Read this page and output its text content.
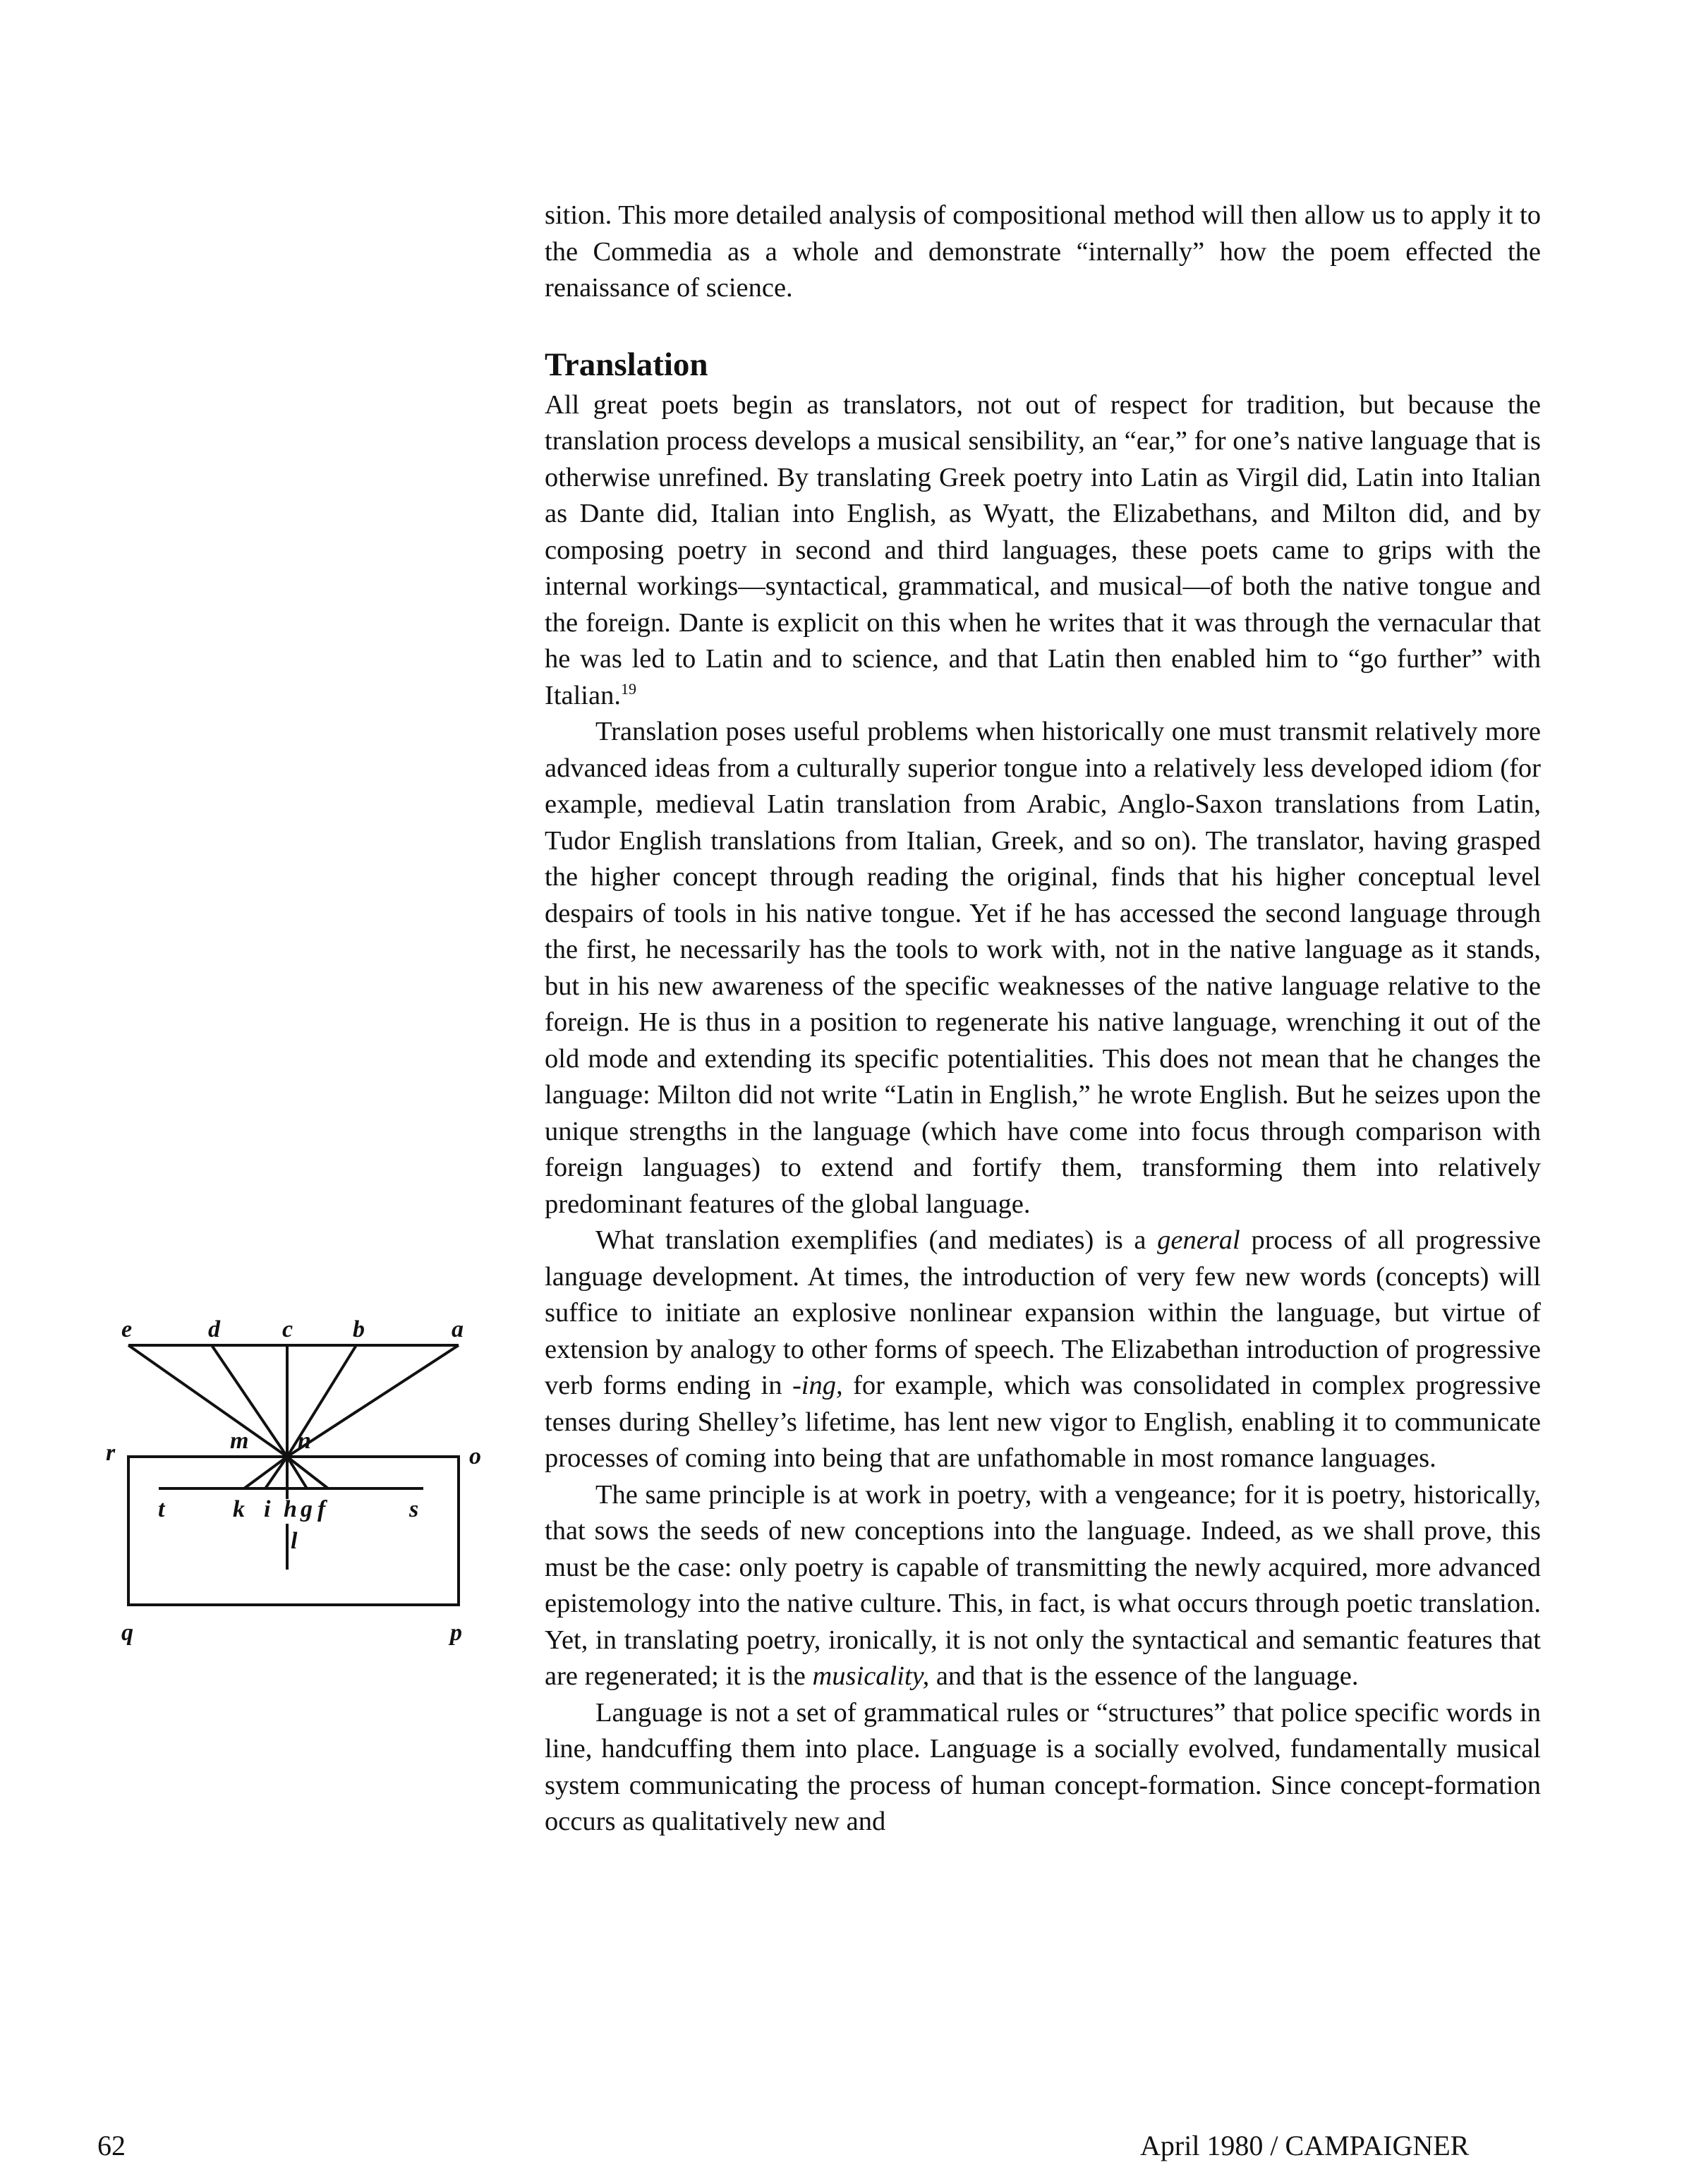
sition. This more detailed analysis of compositional method will then allow us to apply it to the Commedia as a whole and demonstrate “internally” how the poem effected the renaissance of science.

Translation

All great poets begin as translators, not out of respect for tradition, but because the translation process develops a musical sensibility, an “ear,” for one’s native language that is otherwise unrefined. By translating Greek poetry into Latin as Virgil did, Latin into Italian as Dante did, Italian into English, as Wyatt, the Elizabethans, and Milton did, and by composing poetry in second and third languages, these poets came to grips with the internal workings—syntactical, grammatical, and musical—of both the native tongue and the foreign. Dante is explicit on this when he writes that it was through the vernacular that he was led to Latin and to science, and that Latin then enabled him to “go further” with Italian.$^{19}$

Translation poses useful problems when historically one must transmit relatively more advanced ideas from a culturally superior tongue into a relatively less developed idiom (for example, medieval Latin translation from Arabic, Anglo-Saxon translations from Latin, Tudor English translations from Italian, Greek, and so on). The translator, having grasped the higher concept through reading the original, finds that his higher conceptual level despairs of tools in his native tongue. Yet if he has accessed the second language through the first, he necessarily has the tools to work with, not in the native language as it stands, but in his new awareness of the specific weaknesses of the native language relative to the foreign. He is thus in a position to regenerate his native language, wrenching it out of the old mode and extending its specific potentialities. This does not mean that he changes the language: Milton did not write “Latin in English,” he wrote English. But he seizes upon the unique strengths in the language (which have come into focus through comparison with foreign languages) to extend and fortify them, transforming them into relatively predominant features of the global language.

What translation exemplifies (and mediates) is a general process of all progressive language development. At times, the introduction of very few new words (concepts) will suffice to initiate an explosive nonlinear expansion within the language, but virtue of extension by analogy to other forms of speech. The Elizabethan introduction of progressive verb forms ending in -ing, for example, which was consolidated in complex progressive tenses during Shelley’s lifetime, has lent new vigor to English, enabling it to communicate processes of coming into being that are unfathomable in most romance languages.

The same principle is at work in poetry, with a vengeance; for it is poetry, historically, that sows the seeds of new conceptions into the language. Indeed, as we shall prove, this must be the case: only poetry is capable of transmitting the newly acquired, more advanced epistemology into the native culture. This, in fact, is what occurs through poetic translation. Yet, in translating poetry, ironically, it is not only the syntactical and semantic features that are regenerated; it is the musicality, and that is the essence of the language.

Language is not a set of grammatical rules or “structures” that police specific words in line, handcuffing them into place. Language is a socially evolved, fundamentally musical system communicating the process of human concept-formation. Since concept-formation occurs as qualitatively new and

e	d	c b	a
r	m n
o
t	k i h g f	s
l
q	p
62	April 1980 / CAMPAIGNER
